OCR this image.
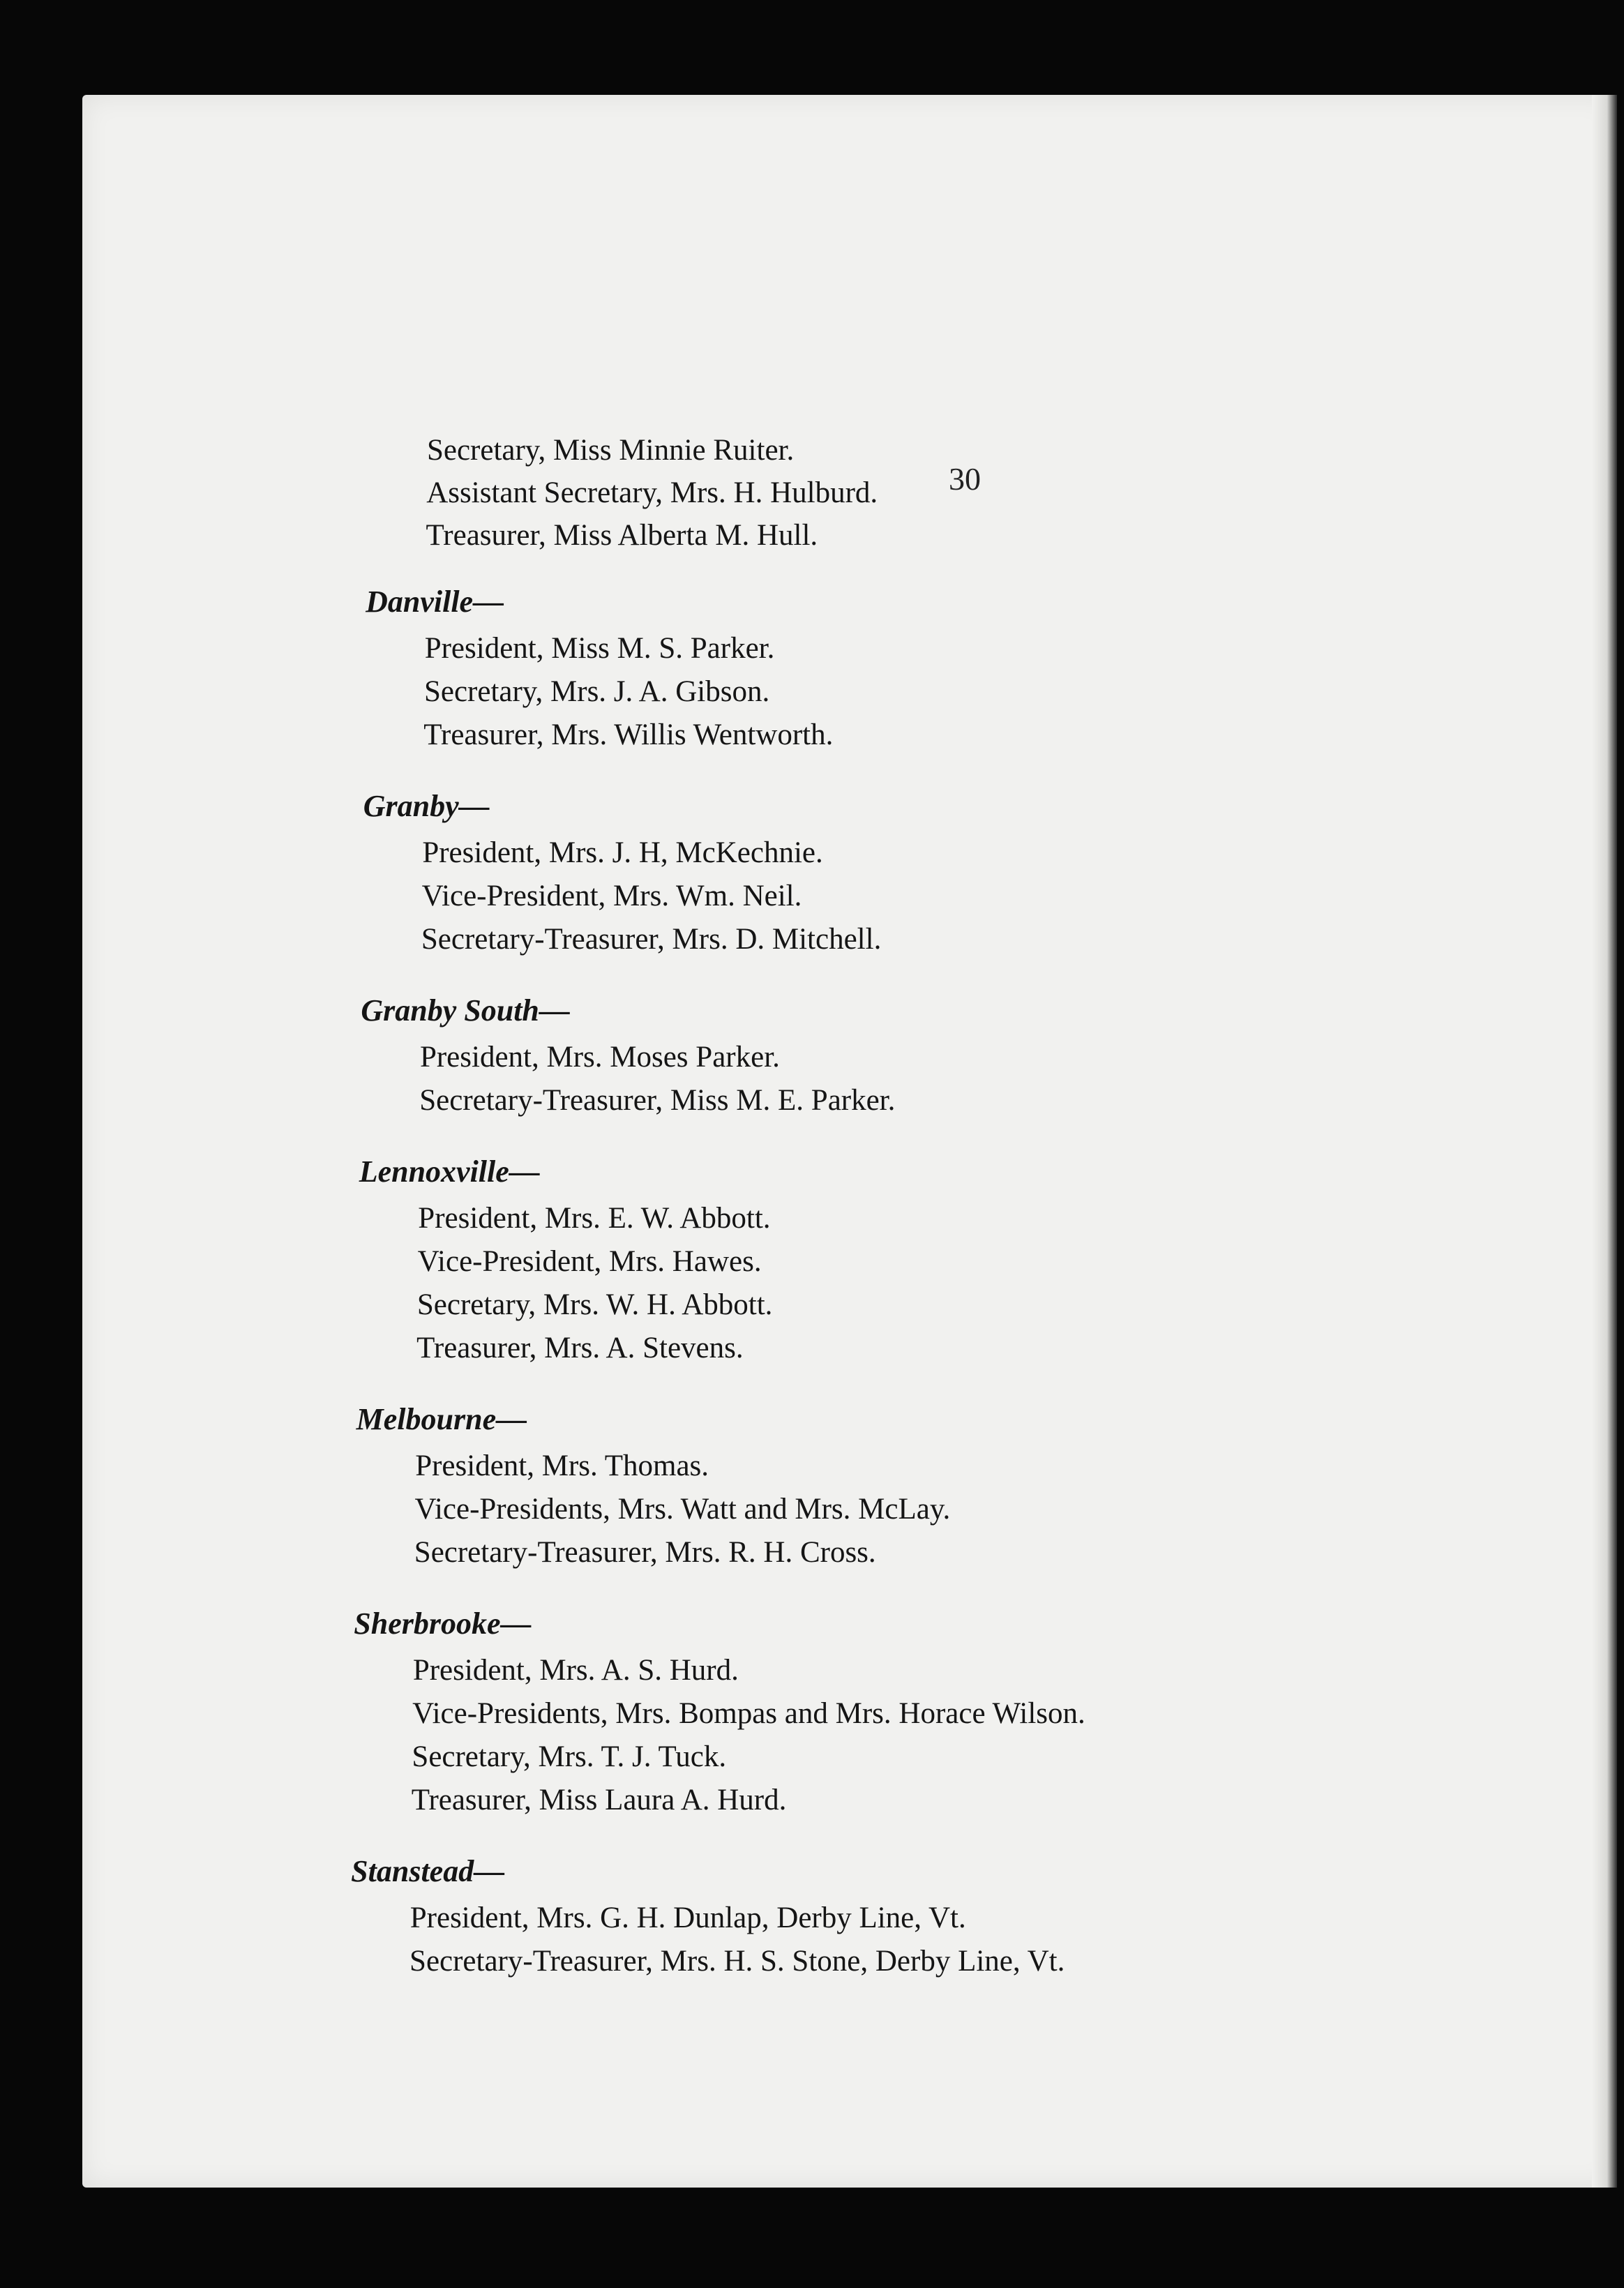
30
Secretary, Miss Minnie Ruiter.
Assistant Secretary, Mrs. H. Hulburd.
Treasurer, Miss Alberta M. Hull.
Danville—
President, Miss M. S. Parker.
Secretary, Mrs. J. A. Gibson.
Treasurer, Mrs. Willis Wentworth.
Granby—
President, Mrs. J. H, McKechnie.
Vice-President, Mrs. Wm. Neil.
Secretary-Treasurer, Mrs. D. Mitchell.
Granby South—
President, Mrs. Moses Parker.
Secretary-Treasurer, Miss M. E. Parker.
Lennoxville—
President, Mrs. E. W. Abbott.
Vice-President, Mrs. Hawes.
Secretary, Mrs. W. H. Abbott.
Treasurer, Mrs. A. Stevens.
Melbourne—
President, Mrs. Thomas.
Vice-Presidents, Mrs. Watt and Mrs. McLay.
Secretary-Treasurer, Mrs. R. H. Cross.
Sherbrooke—
President, Mrs. A. S. Hurd.
Vice-Presidents, Mrs. Bompas and Mrs. Horace Wilson.
Secretary, Mrs. T. J. Tuck.
Treasurer, Miss Laura A. Hurd.
Stanstead—
President, Mrs. G. H. Dunlap, Derby Line, Vt.
Secretary-Treasurer, Mrs. H. S. Stone, Derby Line, Vt.
